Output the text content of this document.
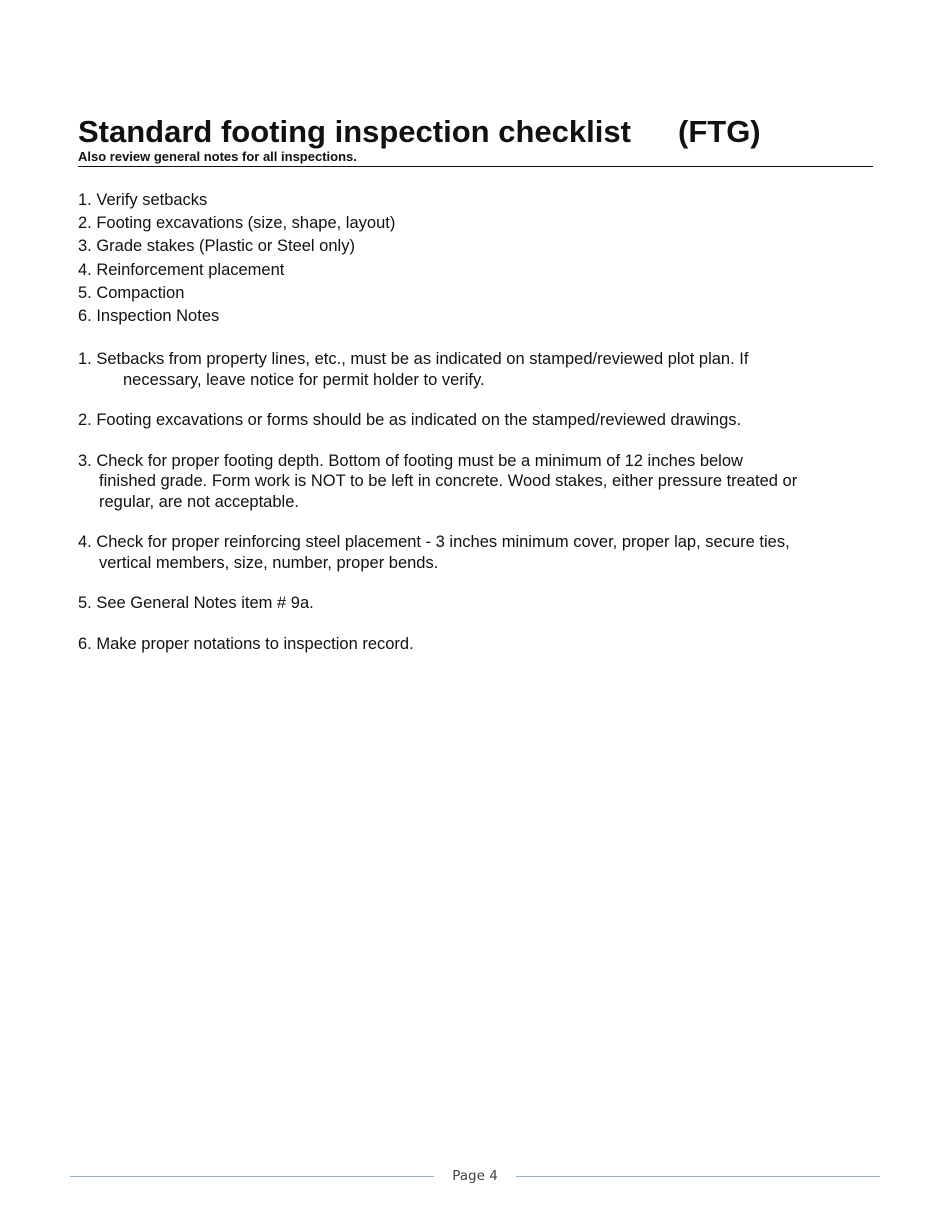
Standard footing inspection checklist (FTG)
Also review general notes for all inspections.
1. Verify setbacks
2. Footing excavations (size, shape, layout)
3. Grade stakes (Plastic or Steel only)
4. Reinforcement placement
5. Compaction
6. Inspection Notes
1. Setbacks from property lines, etc., must be as indicated on stamped/reviewed plot plan. If
necessary, leave notice for permit holder to verify.
2. Footing excavations or forms should be as indicated on the stamped/reviewed drawings.
3. Check for proper footing depth. Bottom of footing must be a minimum of 12 inches below
finished grade. Form work is NOT to be left in concrete. Wood stakes, either pressure treated or
regular, are not acceptable.
4. Check for proper reinforcing steel placement - 3 inches minimum cover, proper lap, secure ties,
vertical members, size, number, proper bends.
5. See General Notes item # 9a.
6. Make proper notations to inspection record.
Page 4
